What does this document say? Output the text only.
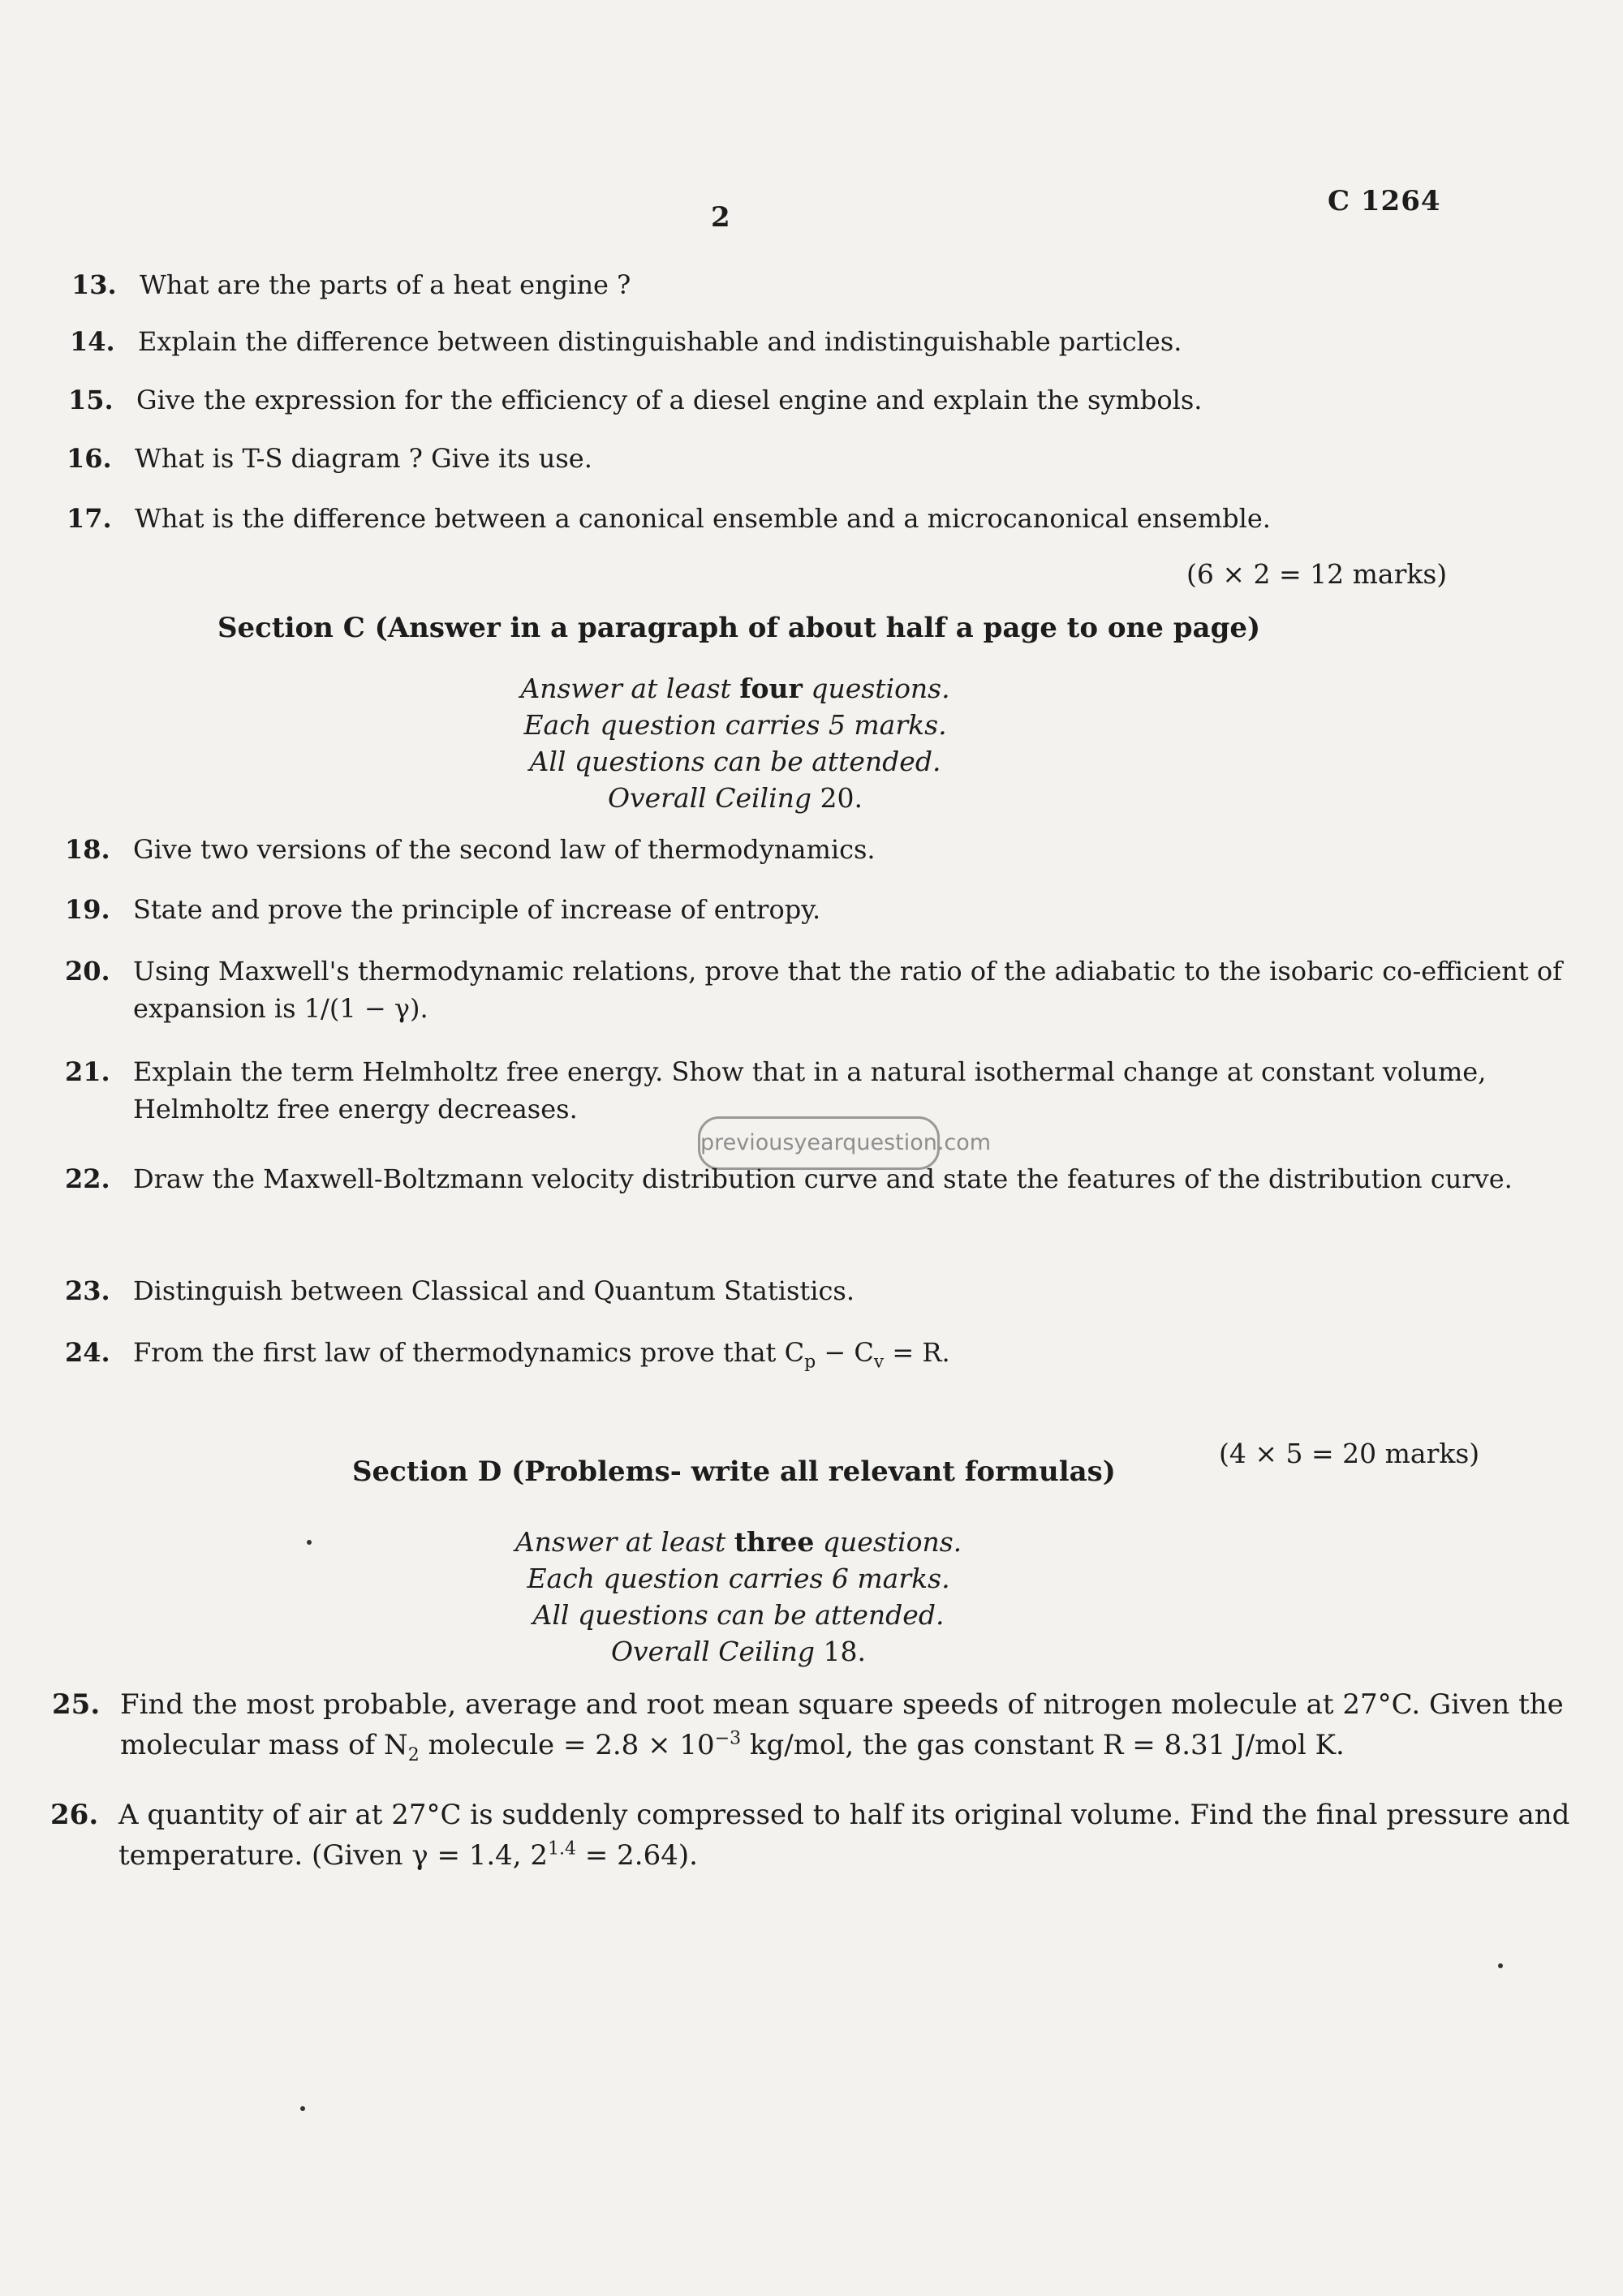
2	C 1264
13. What are the parts of a heat engine ?
14. Explain the difference between distinguishable and indistinguishable particles.
15. Give the expression for the efficiency of a diesel engine and explain the symbols.
16. What is T-S diagram ? Give its use.
17. What is the difference between a canonical ensemble and a microcanonical ensemble.
(6 × 2 = 12 marks)
Section C (Answer in a paragraph of about half a page to one page)
Answer at least four questions.
Each question carries 5 marks.
All questions can be attended.
Overall Ceiling 20.
18. Give two versions of the second law of thermodynamics.
19. State and prove the principle of increase of entropy.
20. Using Maxwell's thermodynamic relations, prove that the ratio of the adiabatic to the isobaric co-efficient of expansion is 1/(1 − γ).
21. Explain the term Helmholtz free energy. Show that in a natural isothermal change at constant volume, Helmholtz free energy decreases.
previousyearquestion.com
22. Draw the Maxwell-Boltzmann velocity distribution curve and state the features of the distribution curve.
23. Distinguish between Classical and Quantum Statistics.
24. From the first law of thermodynamics prove that $C_p - C_v = R$.
(4 × 5 = 20 marks)
Section D (Problems- write all relevant formulas)
Answer at least three questions.
Each question carries 6 marks.
All questions can be attended.
Overall Ceiling 18.
25. Find the most probable, average and root mean square speeds of nitrogen molecule at 27°C. Given the molecular mass of $N_2$ molecule = $2.8 \times 10^{-3}$ kg/mol, the gas constant R = 8.31 J/mol K.
26. A quantity of air at 27°C is suddenly compressed to half its original volume. Find the final pressure and temperature. (Given γ = 1.4, $2^{1.4} = 2.64$).
